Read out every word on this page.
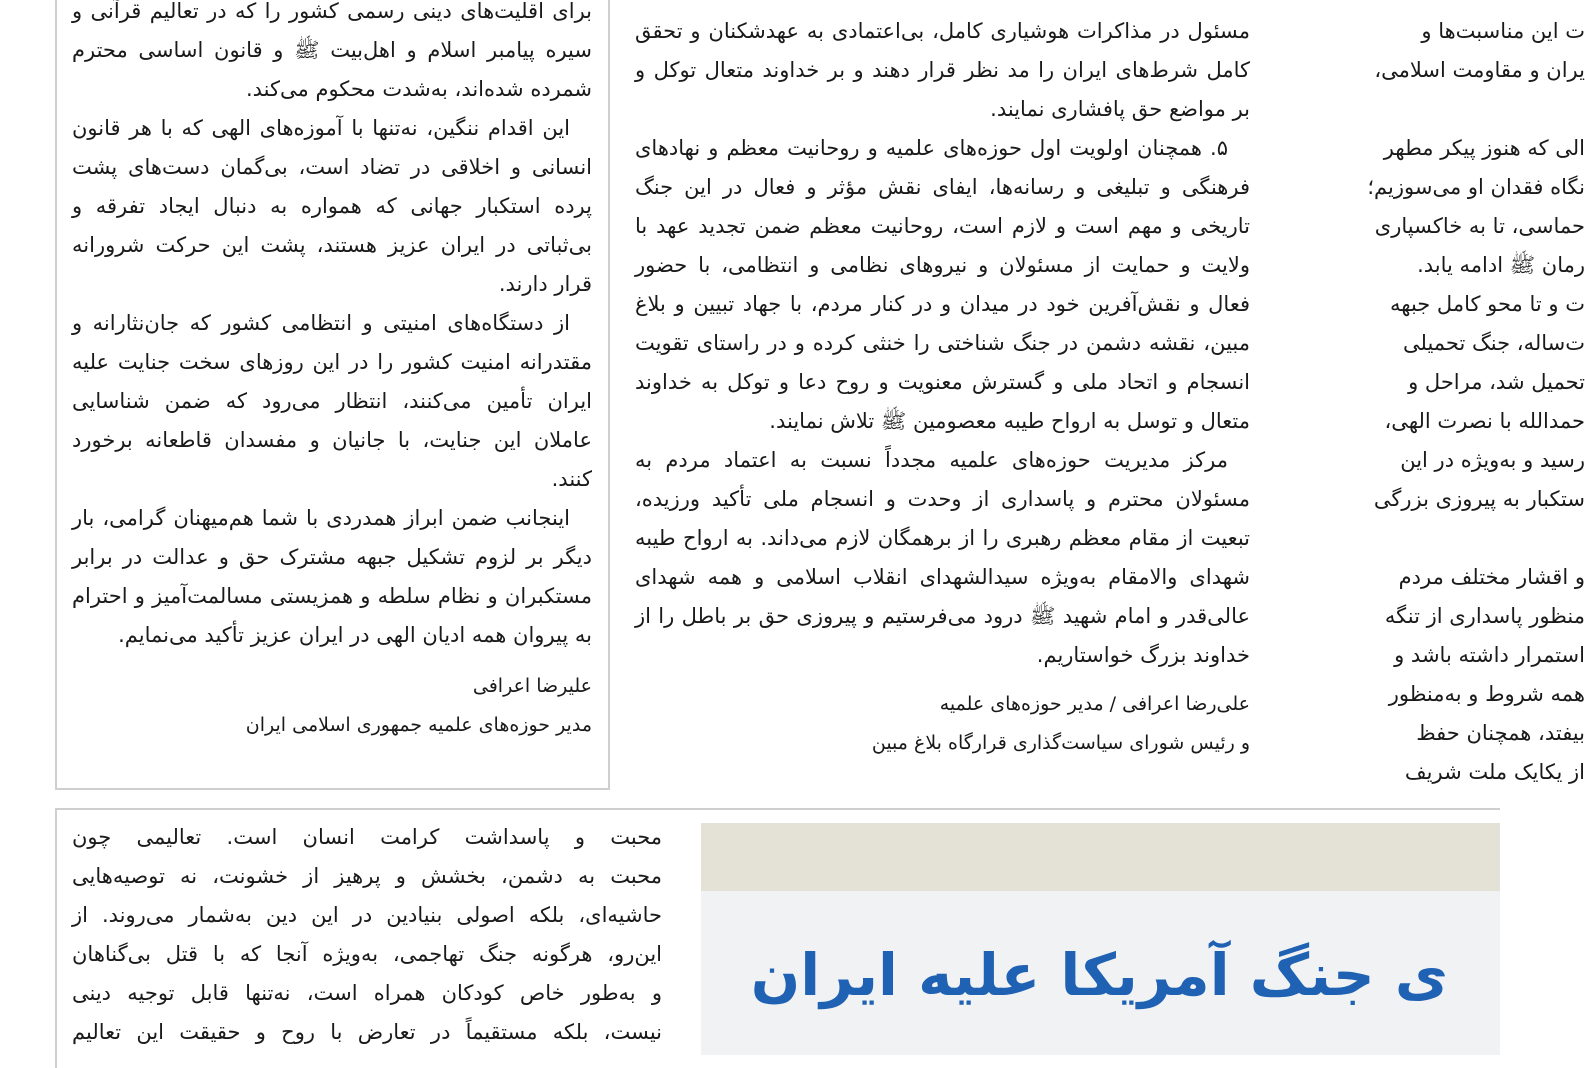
برای اقلیت‌های دینی رسمی کشور را که در تعالیم قرآنی و

سیره پیامبر اسلام و اهل‌بیت ﷺ و قانون اساسی محترم

شمرده شده‌اند، به‌شدت محکوم می‌کند.

این اقدام ننگین، نه‌تنها با آموزه‌های الهی که با هر قانون انسانی و اخلاقی در تضاد است، بی‌گمان دست‌های پشت پرده استکبار جهانی که همواره به دنبال ایجاد تفرقه و بی‌ثباتی در ایران عزیز هستند، پشت این حرکت شرورانه قرار دارند.

از دستگاه‌های امنیتی و انتظامی کشور که جان‌نثارانه و مقتدرانه امنیت کشور را در این روزهای سخت جنایت علیه ایران تأمین می‌کنند، انتظار می‌رود که ضمن شناسایی عاملان این جنایت، با جانیان و مفسدان قاطعانه برخورد کنند.

اینجانب ضمن ابراز همدردی با شما هم‌میهنان گرامی، بار دیگر بر لزوم تشکیل جبهه مشترک حق و عدالت در برابر مستکبران و نظام سلطه و همزیستی مسالمت‌آمیز و احترام به پیروان همه ادیان الهی در ایران عزیز تأکید می‌نمایم.

علیرضا اعرافی
مدیر حوزه‌های علمیه جمهوری اسلامی ایران

مسئول در مذاکرات هوشیاری کامل، بی‌اعتمادی به عهدشکنان و تحقق کامل شرط‌های ایران را مد نظر قرار دهند و بر خداوند متعال توکل و بر مواضع حق پافشاری نمایند.

۵. همچنان اولویت اول حوزه‌های علمیه و روحانیت معظم و نهادهای فرهنگی و تبلیغی و رسانه‌ها، ایفای نقش مؤثر و فعال در این جنگ تاریخی و مهم است و لازم است، روحانیت معظم ضمن تجدید عهد با ولایت و حمایت از مسئولان و نیروهای نظامی و انتظامی، با حضور فعال و نقش‌آفرین خود در میدان و در کنار مردم، با جهاد تبیین و بلاغ مبین، نقشه دشمن در جنگ شناختی را خنثی کرده و در راستای تقویت انسجام و اتحاد ملی و گسترش معنویت و روح دعا و توکل به خداوند متعال و توسل به ارواح طیبه معصومین ﷺ تلاش نمایند.

مرکز مدیریت حوزه‌های علمیه مجدداً نسبت به اعتماد مردم به مسئولان محترم و پاسداری از وحدت و انسجام ملی تأکید ورزیده، تبعیت از مقام معظم رهبری را از برهمگان لازم می‌داند. به ارواح طیبه شهدای والامقام به‌ویژه سیدالشهدای انقلاب اسلامی و همه شهدای عالی‌قدر و امام شهید ﷺ درود می‌فرستیم و پیروزی حق بر باطل را از خداوند بزرگ خواستاریم.

علی‌رضا اعرافی / مدیر حوزه‌های علمیه
و رئیس شورای سیاست‌گذاری قرارگاه بلاغ مبین

ت این مناسبت‌ها و

یران و مقاومت اسلامی،

الی که هنوز پیکر مطهر

نگاه فقدان او می‌سوزیم؛

حماسی، تا به خاکسپاری

رمان ﷺ ادامه یابد.

ت و تا محو کامل جبهه

ت‌ساله، جنگ تحمیلی

تحمیل شد، مراحل و

حمدالله با نصرت الهی،

رسید و به‌ویژه در این

ستکبار به پیروزی بزرگی

و اقشار مختلف مردم

منظور پاسداری از تنگه

استمرار داشته باشد و

همه شروط و به‌منظور

بیفتد، همچنان حفظ

از یکایک ملت شریف

محبت و پاسداشت کرامت انسان است. تعالیمی چون

محبت به دشمن، بخشش و پرهیز از خشونت، نه توصیه‌هایی

حاشیه‌ای، بلکه اصولی بنیادین در این دین به‌شمار می‌روند. از

این‌رو، هرگونه جنگ تهاجمی، به‌ویژه آنجا که با قتل بی‌گناهان

و به‌طور خاص کودکان همراه است، نه‌تنها قابل توجیه دینی

نیست، بلکه مستقیماً در تعارض با روح و حقیقت این تعالیم

ی جنگ آمریکا علیه ایران
